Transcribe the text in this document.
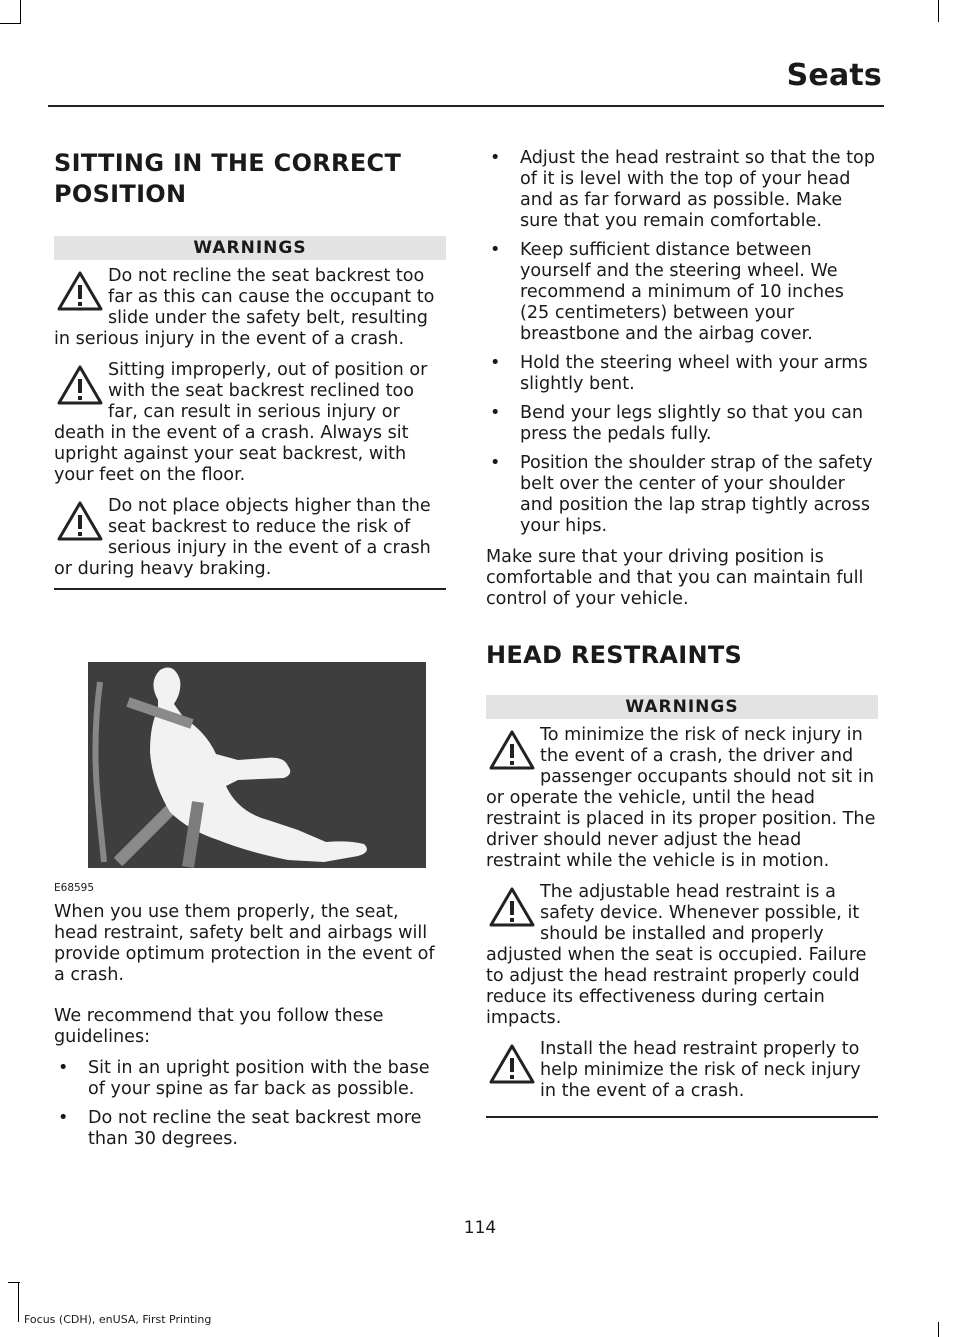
Seats
SITTING IN THE CORRECT
POSITION
WARNINGS
Do not recline the seat backrest too far as this can cause the occupant to slide under the safety belt, resulting in serious injury in the event of a crash.
Sitting improperly, out of position or with the seat backrest reclined too far, can result in serious injury or death in the event of a crash. Always sit upright against your seat backrest, with your feet on the floor.
Do not place objects higher than the seat backrest to reduce the risk of serious injury in the event of a crash or during heavy braking.
E68595
When you use them properly, the seat, head restraint, safety belt and airbags will provide optimum protection in the event of a crash.
We recommend that you follow these guidelines:
• Sit in an upright position with the base of your spine as far back as possible.
• Do not recline the seat backrest more than 30 degrees.
• Adjust the head restraint so that the top of it is level with the top of your head and as far forward as possible. Make sure that you remain comfortable.
• Keep sufficient distance between yourself and the steering wheel. We recommend a minimum of 10 inches (25 centimeters) between your breastbone and the airbag cover.
• Hold the steering wheel with your arms slightly bent.
• Bend your legs slightly so that you can press the pedals fully.
• Position the shoulder strap of the safety belt over the center of your shoulder and position the lap strap tightly across your hips.
Make sure that your driving position is comfortable and that you can maintain full control of your vehicle.
HEAD RESTRAINTS
WARNINGS
To minimize the risk of neck injury in the event of a crash, the driver and passenger occupants should not sit in or operate the vehicle, until the head restraint is placed in its proper position. The driver should never adjust the head restraint while the vehicle is in motion.
The adjustable head restraint is a safety device. Whenever possible, it should be installed and properly adjusted when the seat is occupied. Failure to adjust the head restraint properly could reduce its effectiveness during certain impacts.
Install the head restraint properly to help minimize the risk of neck injury in the event of a crash.
114
Focus (CDH), enUSA, First Printing
